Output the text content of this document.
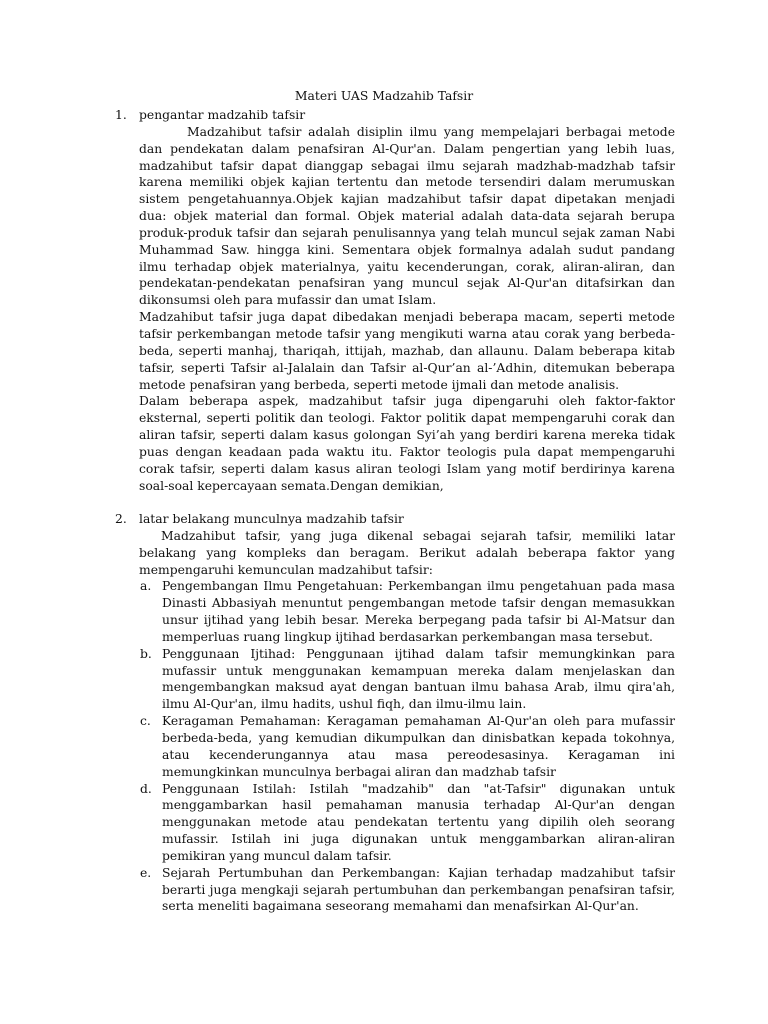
Materi UAS Madzahib Tafsir
1. pengantar madzahib tafsir

Madzahibut tafsir adalah disiplin ilmu yang mempelajari berbagai metode dan pendekatan dalam penafsiran Al-Qur'an. Dalam pengertian yang lebih luas, madzahibut tafsir dapat dianggap sebagai ilmu sejarah madzhab-madzhab tafsir karena memiliki objek kajian tertentu dan metode tersendiri dalam merumuskan sistem pengetahuannya.Objek kajian madzahibut tafsir dapat dipetakan menjadi dua: objek material dan formal. Objek material adalah data-data sejarah berupa produk-produk tafsir dan sejarah penulisannya yang telah muncul sejak zaman Nabi Muhammad Saw. hingga kini. Sementara objek formalnya adalah sudut pandang ilmu terhadap objek materialnya, yaitu kecenderungan, corak, aliran-aliran, dan pendekatan-pendekatan penafsiran yang muncul sejak Al-Qur'an ditafsirkan dan dikonsumsi oleh para mufassir dan umat Islam.

Madzahibut tafsir juga dapat dibedakan menjadi beberapa macam, seperti metode tafsir perkembangan metode tafsir yang mengikuti warna atau corak yang berbeda-beda, seperti manhaj, thariqah, ittijah, mazhab, dan allaunu. Dalam beberapa kitab tafsir, seperti Tafsir al-Jalalain dan Tafsir al-Qur’an al-’Adhin, ditemukan beberapa metode penafsiran yang berbeda, seperti metode ijmali dan metode analisis.

Dalam beberapa aspek, madzahibut tafsir juga dipengaruhi oleh faktor-faktor eksternal, seperti politik dan teologi. Faktor politik dapat mempengaruhi corak dan aliran tafsir, seperti dalam kasus golongan Syi’ah yang berdiri karena mereka tidak puas dengan keadaan pada waktu itu. Faktor teologis pula dapat mempengaruhi corak tafsir, seperti dalam kasus aliran teologi Islam yang motif berdirinya karena soal-soal kepercayaan semata.Dengan demikian,

2. latar belakang munculnya madzahib tafsir

Madzahibut tafsir, yang juga dikenal sebagai sejarah tafsir, memiliki latar belakang yang kompleks dan beragam. Berikut adalah beberapa faktor yang mempengaruhi kemunculan madzahibut tafsir:

a. Pengembangan Ilmu Pengetahuan: Perkembangan ilmu pengetahuan pada masa Dinasti Abbasiyah menuntut pengembangan metode tafsir dengan memasukkan unsur ijtihad yang lebih besar. Mereka berpegang pada tafsir bi Al-Matsur dan memperluas ruang lingkup ijtihad berdasarkan perkembangan masa tersebut.
b. Penggunaan Ijtihad: Penggunaan ijtihad dalam tafsir memungkinkan para mufassir untuk menggunakan kemampuan mereka dalam menjelaskan dan mengembangkan maksud ayat dengan bantuan ilmu bahasa Arab, ilmu qira'ah, ilmu Al-Qur'an, ilmu hadits, ushul fiqh, dan ilmu-ilmu lain.
c. Keragaman Pemahaman: Keragaman pemahaman Al-Qur'an oleh para mufassir berbeda-beda, yang kemudian dikumpulkan dan dinisbatkan kepada tokohnya, atau kecenderungannya atau masa pereodesasinya. Keragaman ini memungkinkan munculnya berbagai aliran dan madzhab tafsir
d. Penggunaan Istilah: Istilah "madzahib" dan "at-Tafsir" digunakan untuk menggambarkan hasil pemahaman manusia terhadap Al-Qur'an dengan menggunakan metode atau pendekatan tertentu yang dipilih oleh seorang mufassir. Istilah ini juga digunakan untuk menggambarkan aliran-aliran pemikiran yang muncul dalam tafsir.
e. Sejarah Pertumbuhan dan Perkembangan: Kajian terhadap madzahibut tafsir berarti juga mengkaji sejarah pertumbuhan dan perkembangan penafsiran tafsir, serta meneliti bagaimana seseorang memahami dan menafsirkan Al-Qur'an.
